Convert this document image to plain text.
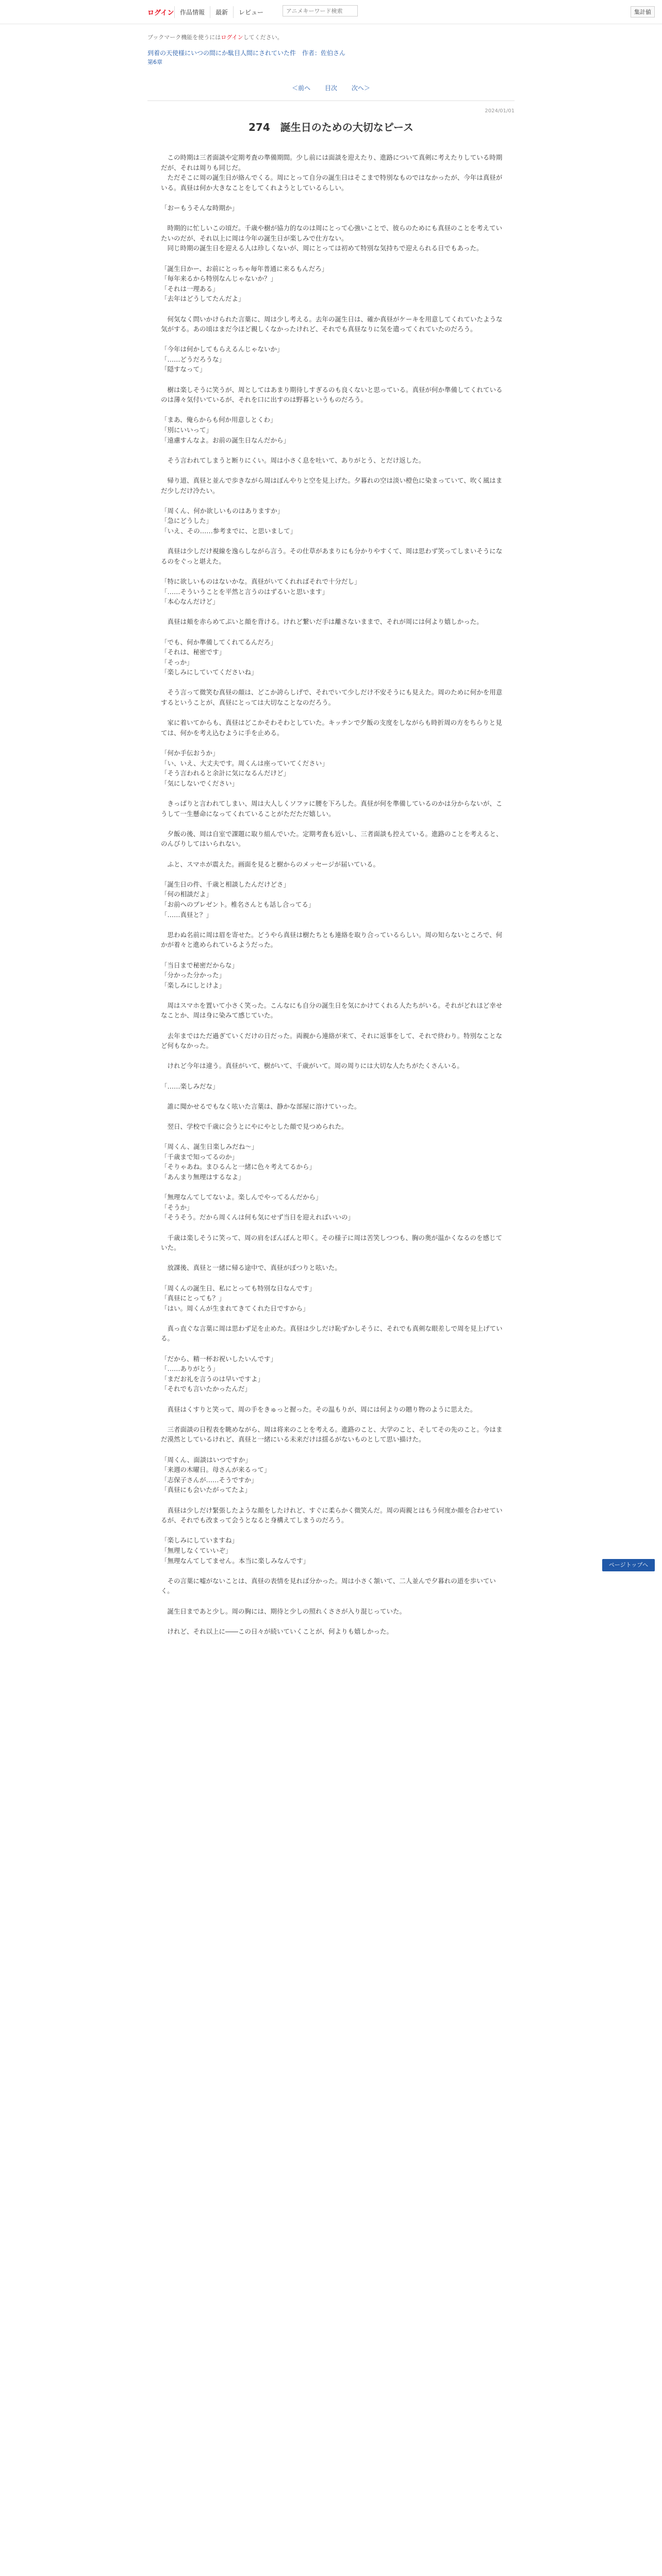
ログイン 作品情報	最新	レビュー
アニメキーワード検索	集計値
ブックマーク機能を使うにはログインしてください。
到着の天使様にいつの間にか駄目人間にされていた件　作者：佐伯さん
第6章
＜前へ 目次 次へ＞
2024/01/01
274　誕生日のための大切なピース

　この時期は三者面談や定期考査の準備期間。少し前には面談を迎えたり、進路について真剣に考えたりしている時期だが、それは周りも同じだ。
　ただそこに周の誕生日が絡んでくる。周にとって自分の誕生日はそこまで特別なものではなかったが、今年は真昼がいる。真昼は何か大きなことをしてくれようとしているらしい。

「おーもうそんな時期か」

　時期的に忙しいこの頃だ。千歳や樹が協力的なのは周にとって心強いことで、彼らのためにも真昼のことを考えていたいのだが、それ以上に周は今年の誕生日が楽しみで仕方ない。
　同じ時期の誕生日を迎える人は珍しくないが、周にとっては初めて特別な気持ちで迎えられる日でもあった。

「誕生日かー、お前にとっちゃ毎年普通に来るもんだろ」
「毎年来るから特別なんじゃないか？」
「それは一理ある」
「去年はどうしてたんだよ」

　何気なく問いかけられた言葉に、周は少し考える。去年の誕生日は、確か真昼がケーキを用意してくれていたような気がする。あの頃はまだ今ほど親しくなかったけれど、それでも真昼なりに気を遣ってくれていたのだろう。

「今年は何かしてもらえるんじゃないか」
「……どうだろうな」
「隠すなって」

　樹は楽しそうに笑うが、周としてはあまり期待しすぎるのも良くないと思っている。真昼が何か準備してくれているのは薄々気付いているが、それを口に出すのは野暮というものだろう。

「まあ、俺らからも何か用意しとくわ」
「別にいいって」
「遠慮すんなよ。お前の誕生日なんだから」

　そう言われてしまうと断りにくい。周は小さく息を吐いて、ありがとう、とだけ返した。

　帰り道、真昼と並んで歩きながら周はぼんやりと空を見上げた。夕暮れの空は淡い橙色に染まっていて、吹く風はまだ少しだけ冷たい。

「周くん、何か欲しいものはありますか」
「急にどうした」
「いえ、その……参考までに、と思いまして」

　真昼は少しだけ視線を逸らしながら言う。その仕草があまりにも分かりやすくて、周は思わず笑ってしまいそうになるのをぐっと堪えた。

「特に欲しいものはないかな。真昼がいてくれればそれで十分だし」
「……そういうことを平然と言うのはずるいと思います」
「本心なんだけど」

　真昼は頬を赤らめてぷいと顔を背ける。けれど繋いだ手は離さないままで、それが周には何より嬉しかった。

「でも、何か準備してくれてるんだろ」
「それは、秘密です」
「そっか」
「楽しみにしていてくださいね」

　そう言って微笑む真昼の顔は、どこか誇らしげで、それでいて少しだけ不安そうにも見えた。周のために何かを用意するということが、真昼にとっては大切なことなのだろう。

　家に着いてからも、真昼はどこかそわそわとしていた。キッチンで夕飯の支度をしながらも時折周の方をちらりと見ては、何かを考え込むように手を止める。

「何か手伝おうか」
「い、いえ、大丈夫です。周くんは座っていてください」
「そう言われると余計に気になるんだけど」
「気にしないでください」

　きっぱりと言われてしまい、周は大人しくソファに腰を下ろした。真昼が何を準備しているのかは分からないが、こうして一生懸命になってくれていることがただただ嬉しい。

　夕飯の後、周は自室で課題に取り組んでいた。定期考査も近いし、三者面談も控えている。進路のことを考えると、のんびりしてはいられない。

　ふと、スマホが震えた。画面を見ると樹からのメッセージが届いている。

「誕生日の件、千歳と相談したんだけどさ」
「何の相談だよ」
「お前へのプレゼント。椎名さんとも話し合ってる」
「……真昼と？」

　思わぬ名前に周は眉を寄せた。どうやら真昼は樹たちとも連絡を取り合っているらしい。周の知らないところで、何かが着々と進められているようだった。

「当日まで秘密だからな」
「分かった分かった」
「楽しみにしとけよ」

　周はスマホを置いて小さく笑った。こんなにも自分の誕生日を気にかけてくれる人たちがいる。それがどれほど幸せなことか、周は身に染みて感じていた。

　去年まではただ過ぎていくだけの日だった。両親から連絡が来て、それに返事をして、それで終わり。特別なことなど何もなかった。

　けれど今年は違う。真昼がいて、樹がいて、千歳がいて。周の周りには大切な人たちがたくさんいる。

「……楽しみだな」

　誰に聞かせるでもなく呟いた言葉は、静かな部屋に溶けていった。

　翌日、学校で千歳に会うとにやにやとした顔で見つめられた。

「周くん、誕生日楽しみだね〜」
「千歳まで知ってるのか」
「そりゃあね。まひるんと一緒に色々考えてるから」
「あんまり無理はするなよ」

「無理なんてしてないよ。楽しんでやってるんだから」
「そうか」
「そうそう。だから周くんは何も気にせず当日を迎えればいいの」

　千歳は楽しそうに笑って、周の肩をぽんぽんと叩く。その様子に周は苦笑しつつも、胸の奥が温かくなるのを感じていた。

　放課後、真昼と一緒に帰る途中で、真昼がぽつりと呟いた。

「周くんの誕生日、私にとっても特別な日なんです」
「真昼にとっても？」
「はい。周くんが生まれてきてくれた日ですから」

　真っ直ぐな言葉に周は思わず足を止めた。真昼は少しだけ恥ずかしそうに、それでも真剣な眼差しで周を見上げている。

「だから、精一杯お祝いしたいんです」
「……ありがとう」
「まだお礼を言うのは早いですよ」
「それでも言いたかったんだ」

　真昼はくすりと笑って、周の手をきゅっと握った。その温もりが、周には何よりの贈り物のように思えた。

　三者面談の日程表を眺めながら、周は将来のことを考える。進路のこと、大学のこと、そしてその先のこと。今はまだ漠然としているけれど、真昼と一緒にいる未来だけは揺るがないものとして思い描けた。

「周くん、面談はいつですか」
「来週の木曜日。母さんが来るって」
「志保子さんが……そうですか」
「真昼にも会いたがってたよ」

　真昼は少しだけ緊張したような顔をしたけれど、すぐに柔らかく微笑んだ。周の両親とはもう何度か顔を合わせているが、それでも改まって会うとなると身構えてしまうのだろう。

「楽しみにしていますね」
「無理しなくていいぞ」
「無理なんてしてません。本当に楽しみなんです」

　その言葉に嘘がないことは、真昼の表情を見れば分かった。周は小さく頷いて、二人並んで夕暮れの道を歩いていく。

　誕生日まであと少し。周の胸には、期待と少しの照れくささが入り混じっていた。

　けれど、それ以上に――この日々が続いていくことが、何よりも嬉しかった。

ページトップへ
